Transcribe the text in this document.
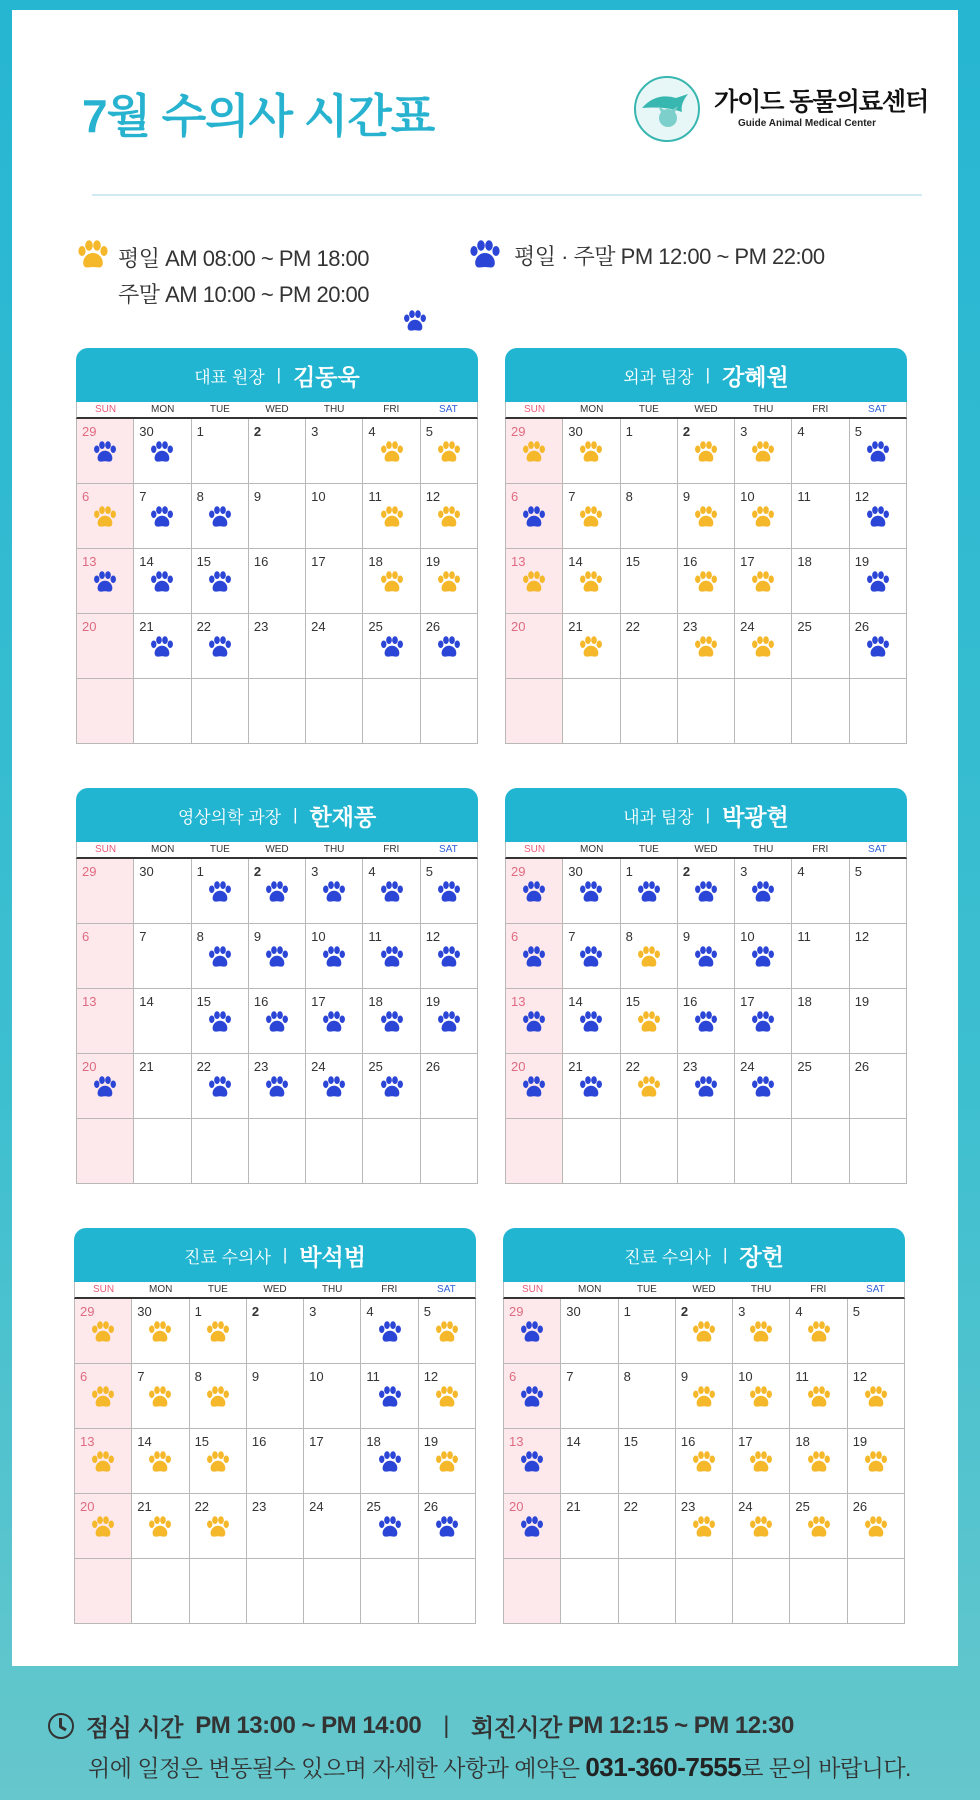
7월 수의사 시간표	가이드 동물의료센터
Guide Animal Medical Center
평일 AM 08:00 ~ PM 18:00
주말 AM 10:00 ~ PM 20:00
평일 · 주말 PM 12:00 ~ PM 22:00
대표 원장 | 김동욱
SUN	MON	TUE	WED	THU	FRI	SAT
29	30	1	2	3	4	5
6	7	8	9	10	11	12
13	14	15	16	17	18	19
20	21	22	23	24	25	26
외과 팀장 | 강혜원
SUN	MON	TUE	WED	THU	FRI	SAT
29	30	1	2	3	4	5
6	7	8	9	10	11	12
13	14	15	16	17	18	19
20	21	22	23	24	25	26
영상의학 과장 | 한재풍
SUN	MON	TUE	WED	THU	FRI	SAT
29	30	1	2	3	4	5
6	7	8	9	10	11	12
13	14	15	16	17	18	19
20	21	22	23	24	25	26
내과 팀장 | 박광현
SUN	MON	TUE	WED	THU	FRI	SAT
29	30	1	2	3	4	5
6	7	8	9	10	11	12
13	14	15	16	17	18	19
20	21	22	23	24	25	26
진료 수의사 | 박석범
SUN	MON	TUE	WED	THU	FRI	SAT
29	30	1	2	3	4	5
6	7	8	9	10	11	12
13	14	15	16	17	18	19
20	21	22	23	24	25	26
진료 수의사 | 장헌
SUN	MON	TUE	WED	THU	FRI	SAT
29	30	1	2	3	4	5
6	7	8	9	10	11	12
13	14	15	16	17	18	19
20	21	22	23	24	25	26
점심 시간
PM 13:00 ~ PM 14:00 | 회진시간
PM 12:15 ~ PM 12:30
위에 일정은 변동될수 있으며 자세한 사항과 예약은 031-360-7555로 문의 바랍니다.
